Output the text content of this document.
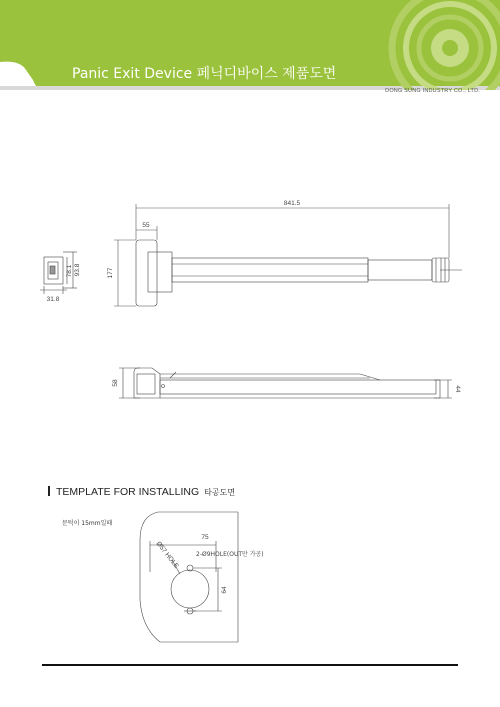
Panic Exit Device 페닉디바이스 제품도면
DONG SUNG INDUSTRY CO., LTD.
841.5
55
177
78.1 93.8
31.8
58
44
75
2-Ø9HOLE(OUT만 가공)
Ø57 HOLE
64
TEMPLATE FOR INSTALLING 타공도면
문턱이 15mm일때
